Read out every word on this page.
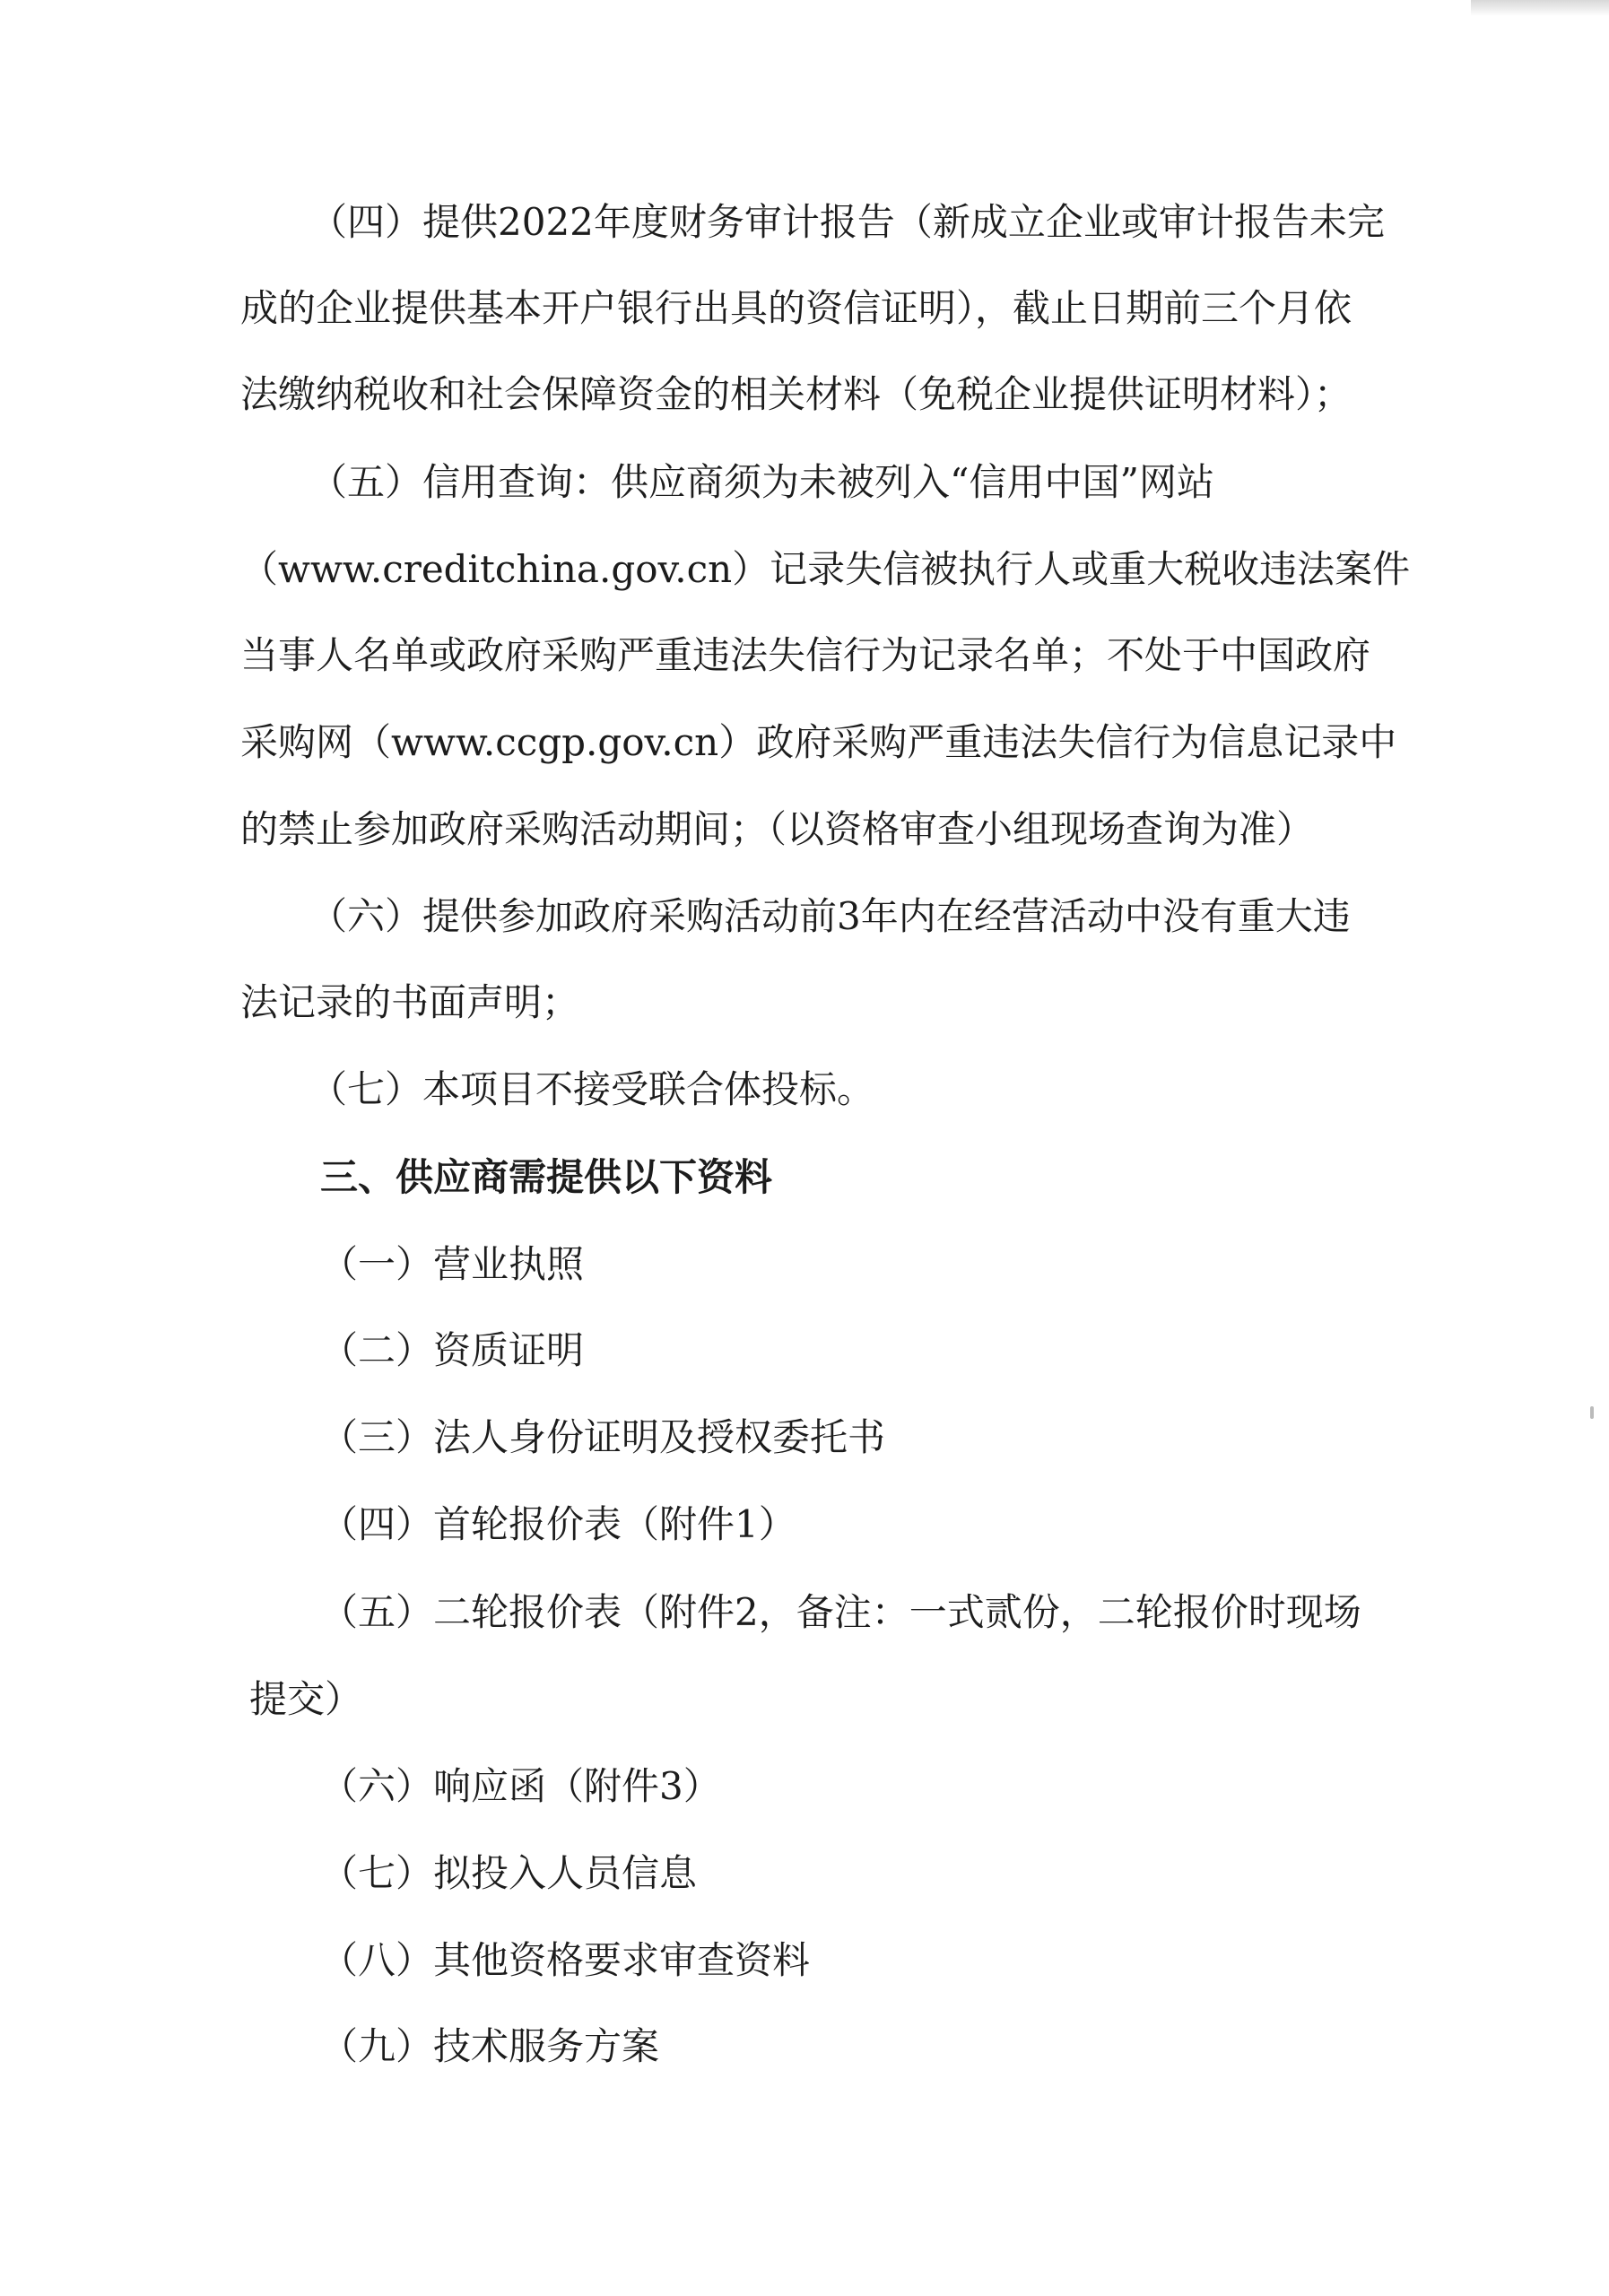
（四）提供2022年度财务审计报告（新成立企业或审计报告未完
成的企业提供基本开户银行出具的资信证明），截止日期前三个月依
法缴纳税收和社会保障资金的相关材料（免税企业提供证明材料）；
（五）信用查询：供应商须为未被列入“信用中国”网站
（www.creditchina.gov.cn）记录失信被执行人或重大税收违法案件
当事人名单或政府采购严重违法失信行为记录名单；不处于中国政府
采购网（www.ccgp.gov.cn）政府采购严重违法失信行为信息记录中
的禁止参加政府采购活动期间；（以资格审查小组现场查询为准）
（六）提供参加政府采购活动前3年内在经营活动中没有重大违
法记录的书面声明；
（七）本项目不接受联合体投标。
三、供应商需提供以下资料
（一）营业执照
（二）资质证明
（三）法人身份证明及授权委托书
（四）首轮报价表（附件1）
（五）二轮报价表（附件2，备注：一式贰份，二轮报价时现场
提交）
（六）响应函（附件3）
（七）拟投入人员信息
（八）其他资格要求审查资料
（九）技术服务方案
